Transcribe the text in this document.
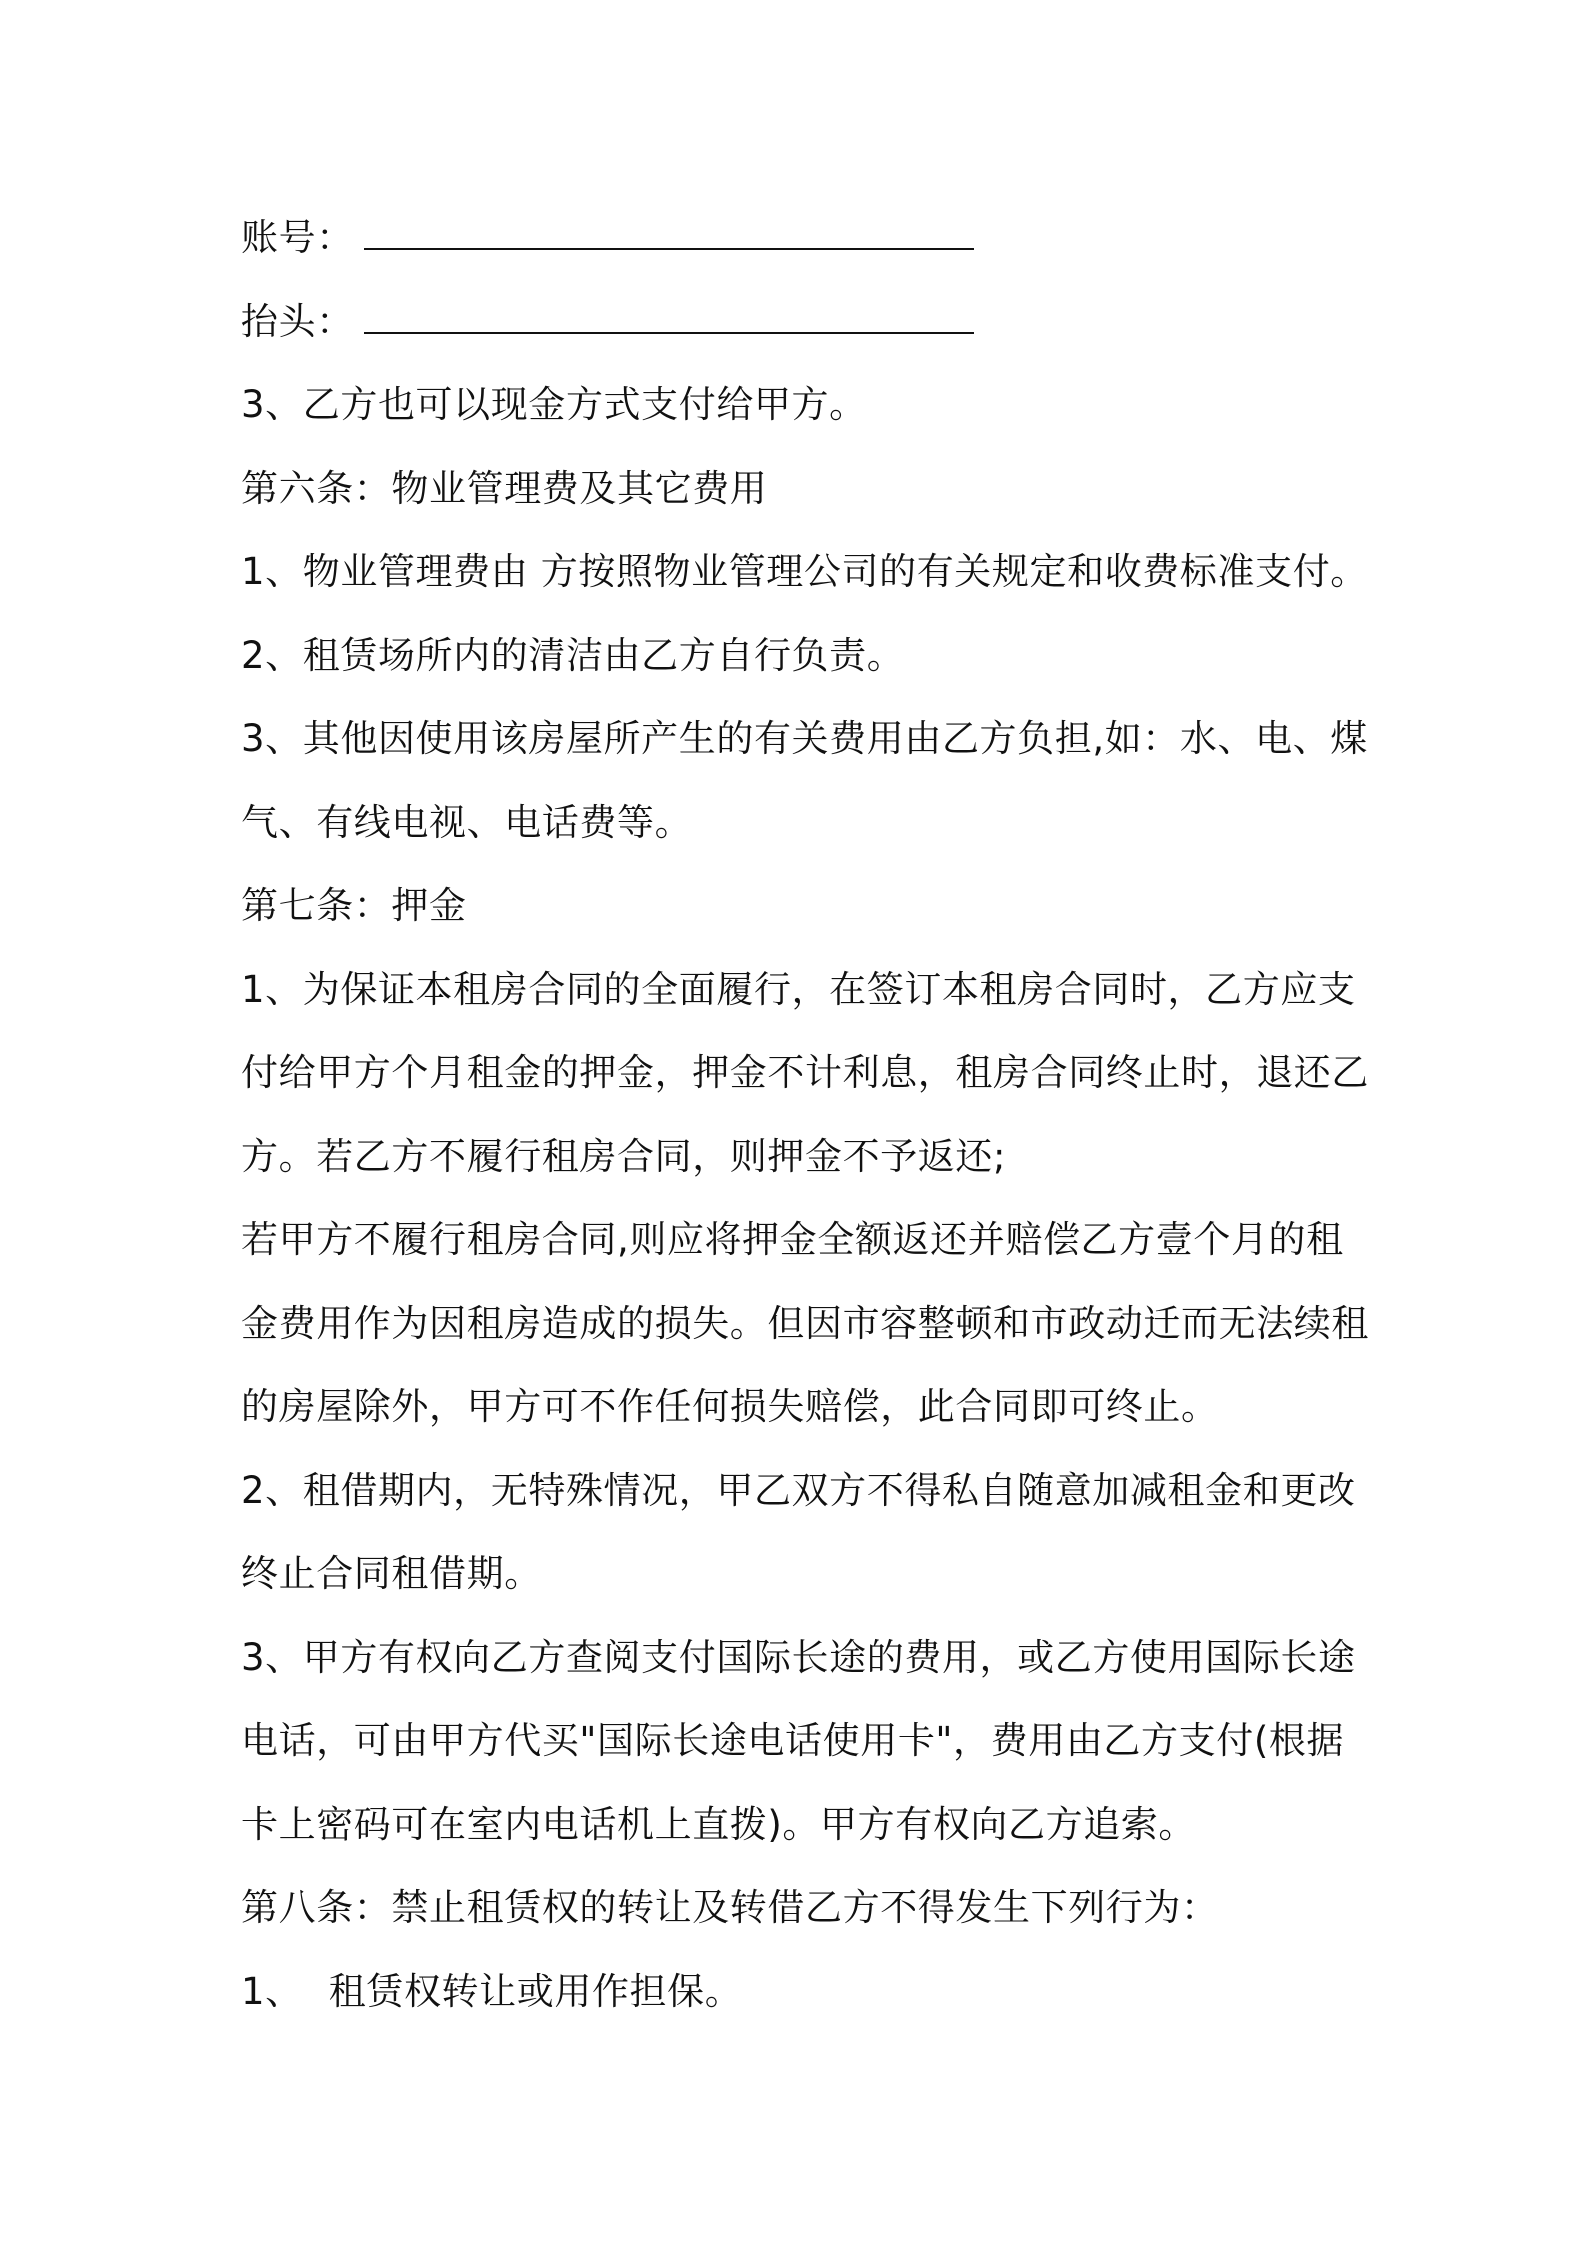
账号：
抬头：
3、乙方也可以现金方式支付给甲方。
第六条：物业管理费及其它费用
1、物业管理费由 方按照物业管理公司的有关规定和收费标准支付。
2、租赁场所内的清洁由乙方自行负责。
3、其他因使用该房屋所产生的有关费用由乙方负担,如：水、电、煤
气、有线电视、电话费等。
第七条：押金
1、为保证本租房合同的全面履行，在签订本租房合同时，乙方应支
付给甲方个月租金的押金，押金不计利息，租房合同终止时，退还乙
方。若乙方不履行租房合同，则押金不予返还;
若甲方不履行租房合同,则应将押金全额返还并赔偿乙方壹个月的租
金费用作为因租房造成的损失。但因市容整顿和市政动迁而无法续租
的房屋除外，甲方可不作任何损失赔偿，此合同即可终止。
2、租借期内，无特殊情况，甲乙双方不得私自随意加减租金和更改
终止合同租借期。
3、甲方有权向乙方查阅支付国际长途的费用，或乙方使用国际长途
电话，可由甲方代买"国际长途电话使用卡"，费用由乙方支付(根据
卡上密码可在室内电话机上直拨)。甲方有权向乙方追索。
第八条：禁止租赁权的转让及转借乙方不得发生下列行为：
1、 租赁权转让或用作担保。
